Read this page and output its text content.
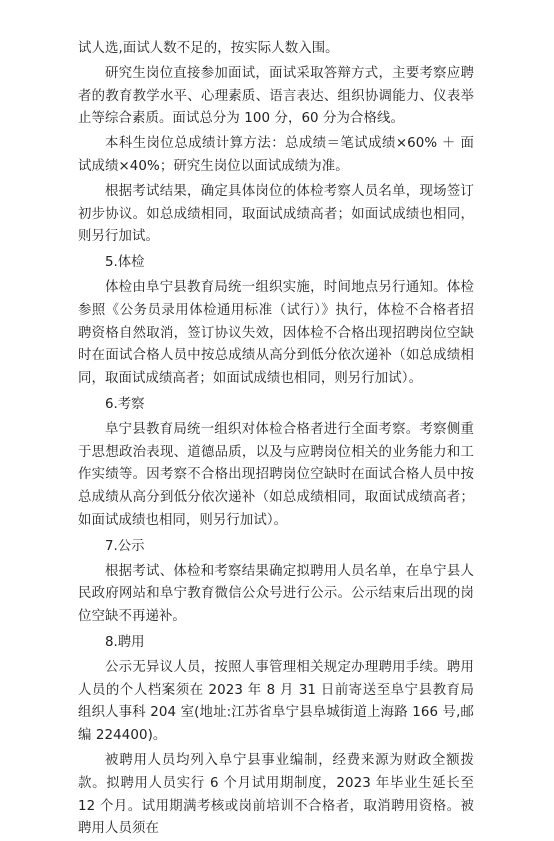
试人选,面试人数不足的，按实际人数入围。

研究生岗位直接参加面试，面试采取答辩方式，主要考察应聘者的教育教学水平、心理素质、语言表达、组织协调能力、仪表举止等综合素质。面试总分为 100 分，60 分为合格线。

本科生岗位总成绩计算方法：总成绩＝笔试成绩×60% ＋ 面试成绩×40%；研究生岗位以面试成绩为准。

根据考试结果，确定具体岗位的体检考察人员名单，现场签订初步协议。如总成绩相同，取面试成绩高者；如面试成绩也相同，则另行加试。

5.体检

体检由阜宁县教育局统一组织实施，时间地点另行通知。体检参照《公务员录用体检通用标准（试行）》执行，体检不合格者招聘资格自然取消，签订协议失效，因体检不合格出现招聘岗位空缺时在面试合格人员中按总成绩从高分到低分依次递补（如总成绩相同，取面试成绩高者；如面试成绩也相同，则另行加试）。

6.考察

阜宁县教育局统一组织对体检合格者进行全面考察。考察侧重于思想政治表现、道德品质，以及与应聘岗位相关的业务能力和工作实绩等。因考察不合格出现招聘岗位空缺时在面试合格人员中按总成绩从高分到低分依次递补（如总成绩相同，取面试成绩高者；如面试成绩也相同，则另行加试）。

7.公示

根据考试、体检和考察结果确定拟聘用人员名单，在阜宁县人民政府网站和阜宁教育微信公众号进行公示。公示结束后出现的岗位空缺不再递补。

8.聘用

公示无异议人员，按照人事管理相关规定办理聘用手续。聘用人员的个人档案须在 2023 年 8 月 31 日前寄送至阜宁县教育局组织人事科 204 室(地址:江苏省阜宁县阜城街道上海路 166 号,邮编 224400)。

被聘用人员均列入阜宁县事业编制，经费来源为财政全额拨款。拟聘用人员实行 6 个月试用期制度，2023 年毕业生延长至 12 个月。试用期满考核或岗前培训不合格者，取消聘用资格。被聘用人员须在
